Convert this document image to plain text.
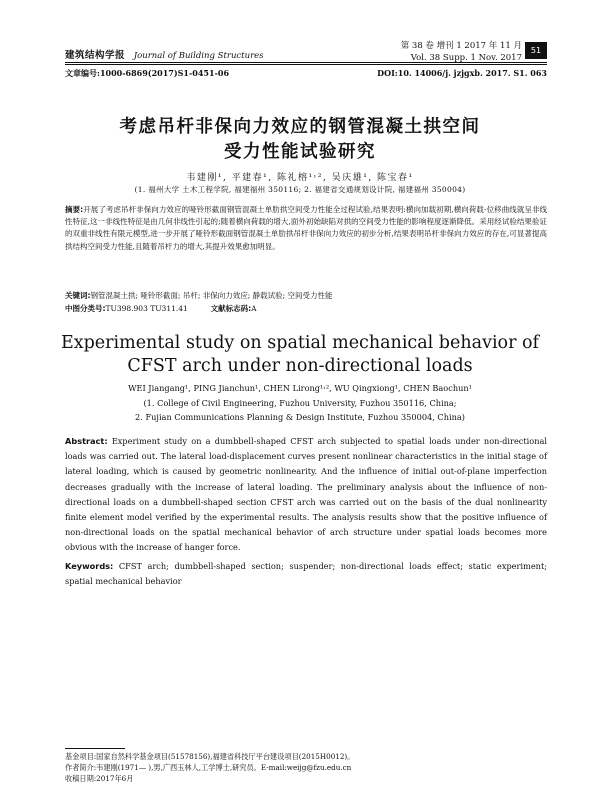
建筑结构学报 Journal of Building Structures
第 38 卷 增刊 1 2017 年 11 月
Vol. 38 Supp. 1 Nov. 2017
51
文章编号:1000-6869(2017)S1-0451-06	DOI:10. 14006/j. jzjgxb. 2017. S1. 063
考虑吊杆非保向力效应的钢管混凝土拱空间
受力性能试验研究
韦建刚¹, 平建春¹, 陈礼榕¹˒², 吴庆雄¹, 陈宝春¹
(1. 福州大学 土木工程学院, 福建福州 350116; 2. 福建省交通规划设计院, 福建福州 350004)
摘要:开展了考虑吊杆非保向力效应的哑铃形截面钢管混凝土单肋拱空间受力性能全过程试验,结果表明:横向加载初期,横向荷载-位移曲线就呈非线性特征,这一非线性特征是由几何非线性引起的;随着横向荷载的增大,面外初始缺陷对拱的空间受力性能的影响程度逐渐降低。采用经试验结果验证的双重非线性有限元模型,进一步开展了哑铃形截面钢管混凝土单肋拱吊杆非保向力效应的初步分析,结果表明吊杆非保向力效应的存在,可显著提高拱结构空间受力性能,且随着吊杆力的增大,其提升效果愈加明显。
关键词:钢管混凝土拱; 哑铃形截面; 吊杆; 非保向力效应; 静载试验; 空间受力性能
中图分类号:TU398.903 TU311.41	文献标志码:A
Experimental study on spatial mechanical behavior of
CFST arch under non-directional loads
WEI Jiangang¹, PING Jianchun¹, CHEN Lirong¹˒², WU Qingxiong¹, CHEN Baochun¹
(1. College of Civil Engineering, Fuzhou University, Fuzhou 350116, China;
2. Fujian Communications Planning & Design Institute, Fuzhou 350004, China)
Abstract: Experiment study on a dumbbell-shaped CFST arch subjected to spatial loads under non-directional loads was carried out. The lateral load-displacement curves present nonlinear characteristics in the initial stage of lateral loading, which is caused by geometric nonlinearity. And the influence of initial out-of-plane imperfection decreases gradually with the increase of lateral loading. The preliminary analysis about the influence of non-directional loads on a dumbbell-shaped section CFST arch was carried out on the basis of the dual nonlinearity finite element model verified by the experimental results. The analysis results show that the positive influence of non-directional loads on the spatial mechanical behavior of arch structure under spatial loads becomes more obvious with the increase of hanger force.
Keywords: CFST arch; dumbbell-shaped section; suspender; non-directional loads effect; static experiment; spatial mechanical behavior
基金项目:国家自然科学基金项目(51578156),福建省科技厅平台建设项目(2015H0012)。
作者简介:韦建刚(1971— ),男,广西玉林人,工学博士,研究员。E-mail:weijg@fzu.edu.cn
收稿日期:2017年6月
